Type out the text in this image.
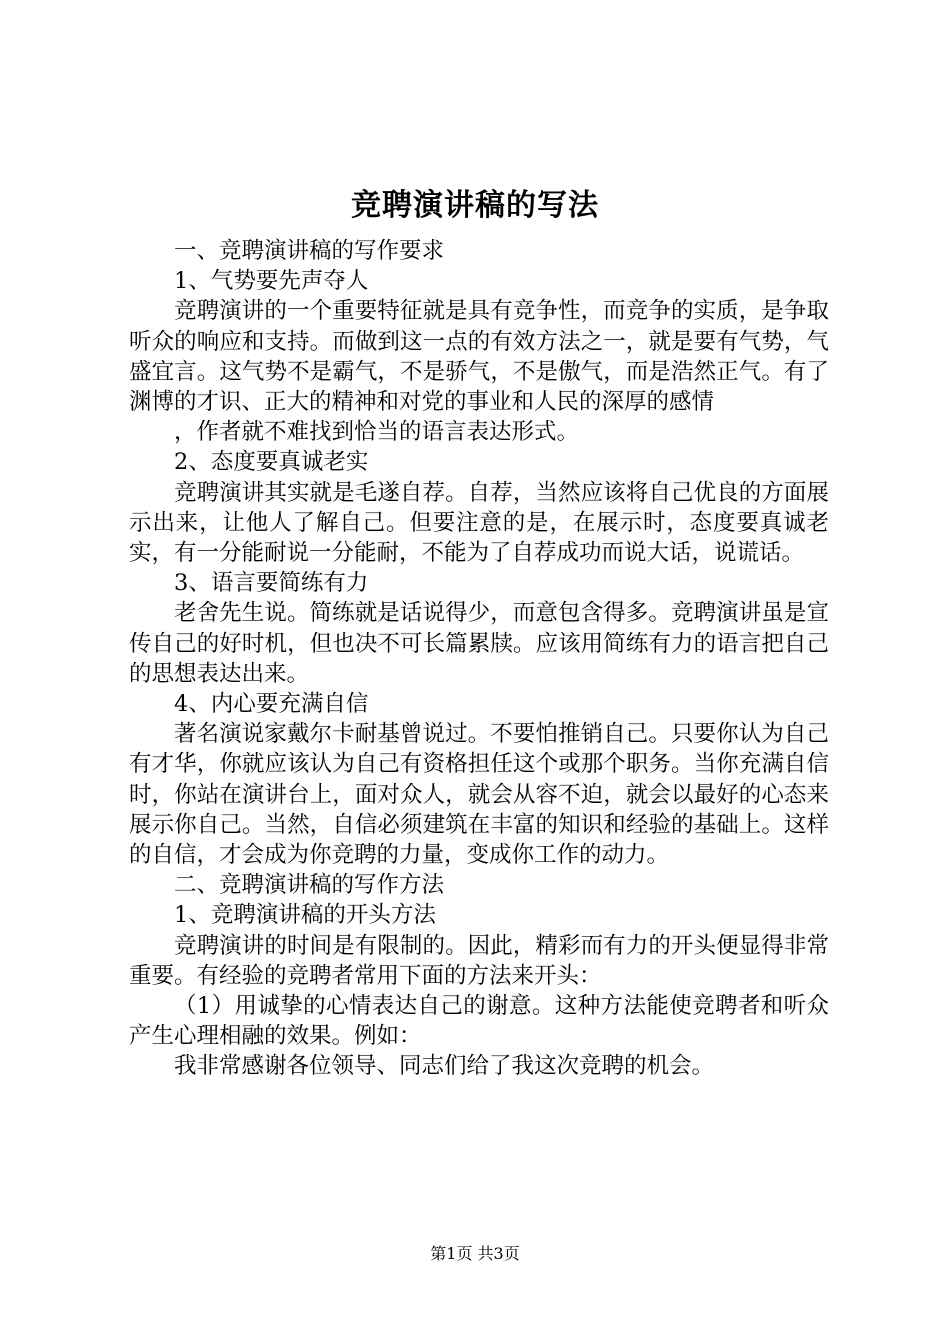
竞聘演讲稿的写法

一、竞聘演讲稿的写作要求

1、气势要先声夺人

竞聘演讲的一个重要特征就是具有竞争性，而竞争的实质，是争取听众的响应和支持。而做到这一点的有效方法之一，就是要有气势，气盛宜言。这气势不是霸气，不是骄气，不是傲气，而是浩然正气。有了渊博的才识、正大的精神和对党的事业和人民的深厚的感情

，作者就不难找到恰当的语言表达形式。

2、态度要真诚老实

竞聘演讲其实就是毛遂自荐。自荐，当然应该将自己优良的方面展示出来，让他人了解自己。但要注意的是，在展示时，态度要真诚老实，有一分能耐说一分能耐，不能为了自荐成功而说大话，说谎话。

3、语言要简练有力

老舍先生说。简练就是话说得少，而意包含得多。竞聘演讲虽是宣传自己的好时机，但也决不可长篇累牍。应该用简练有力的语言把自己的思想表达出来。

4、内心要充满自信

著名演说家戴尔卡耐基曾说过。不要怕推销自己。只要你认为自己有才华，你就应该认为自己有资格担任这个或那个职务。当你充满自信时，你站在演讲台上，面对众人，就会从容不迫，就会以最好的心态来展示你自己。当然，自信必须建筑在丰富的知识和经验的基础上。这样的自信，才会成为你竞聘的力量，变成你工作的动力。

二、竞聘演讲稿的写作方法

1、竞聘演讲稿的开头方法

竞聘演讲的时间是有限制的。因此，精彩而有力的开头便显得非常重要。有经验的竞聘者常用下面的方法来开头：

（1）用诚挚的心情表达自己的谢意。这种方法能使竞聘者和听众产生心理相融的效果。例如：

我非常感谢各位领导、同志们给了我这次竞聘的机会。

第1页 共3页
